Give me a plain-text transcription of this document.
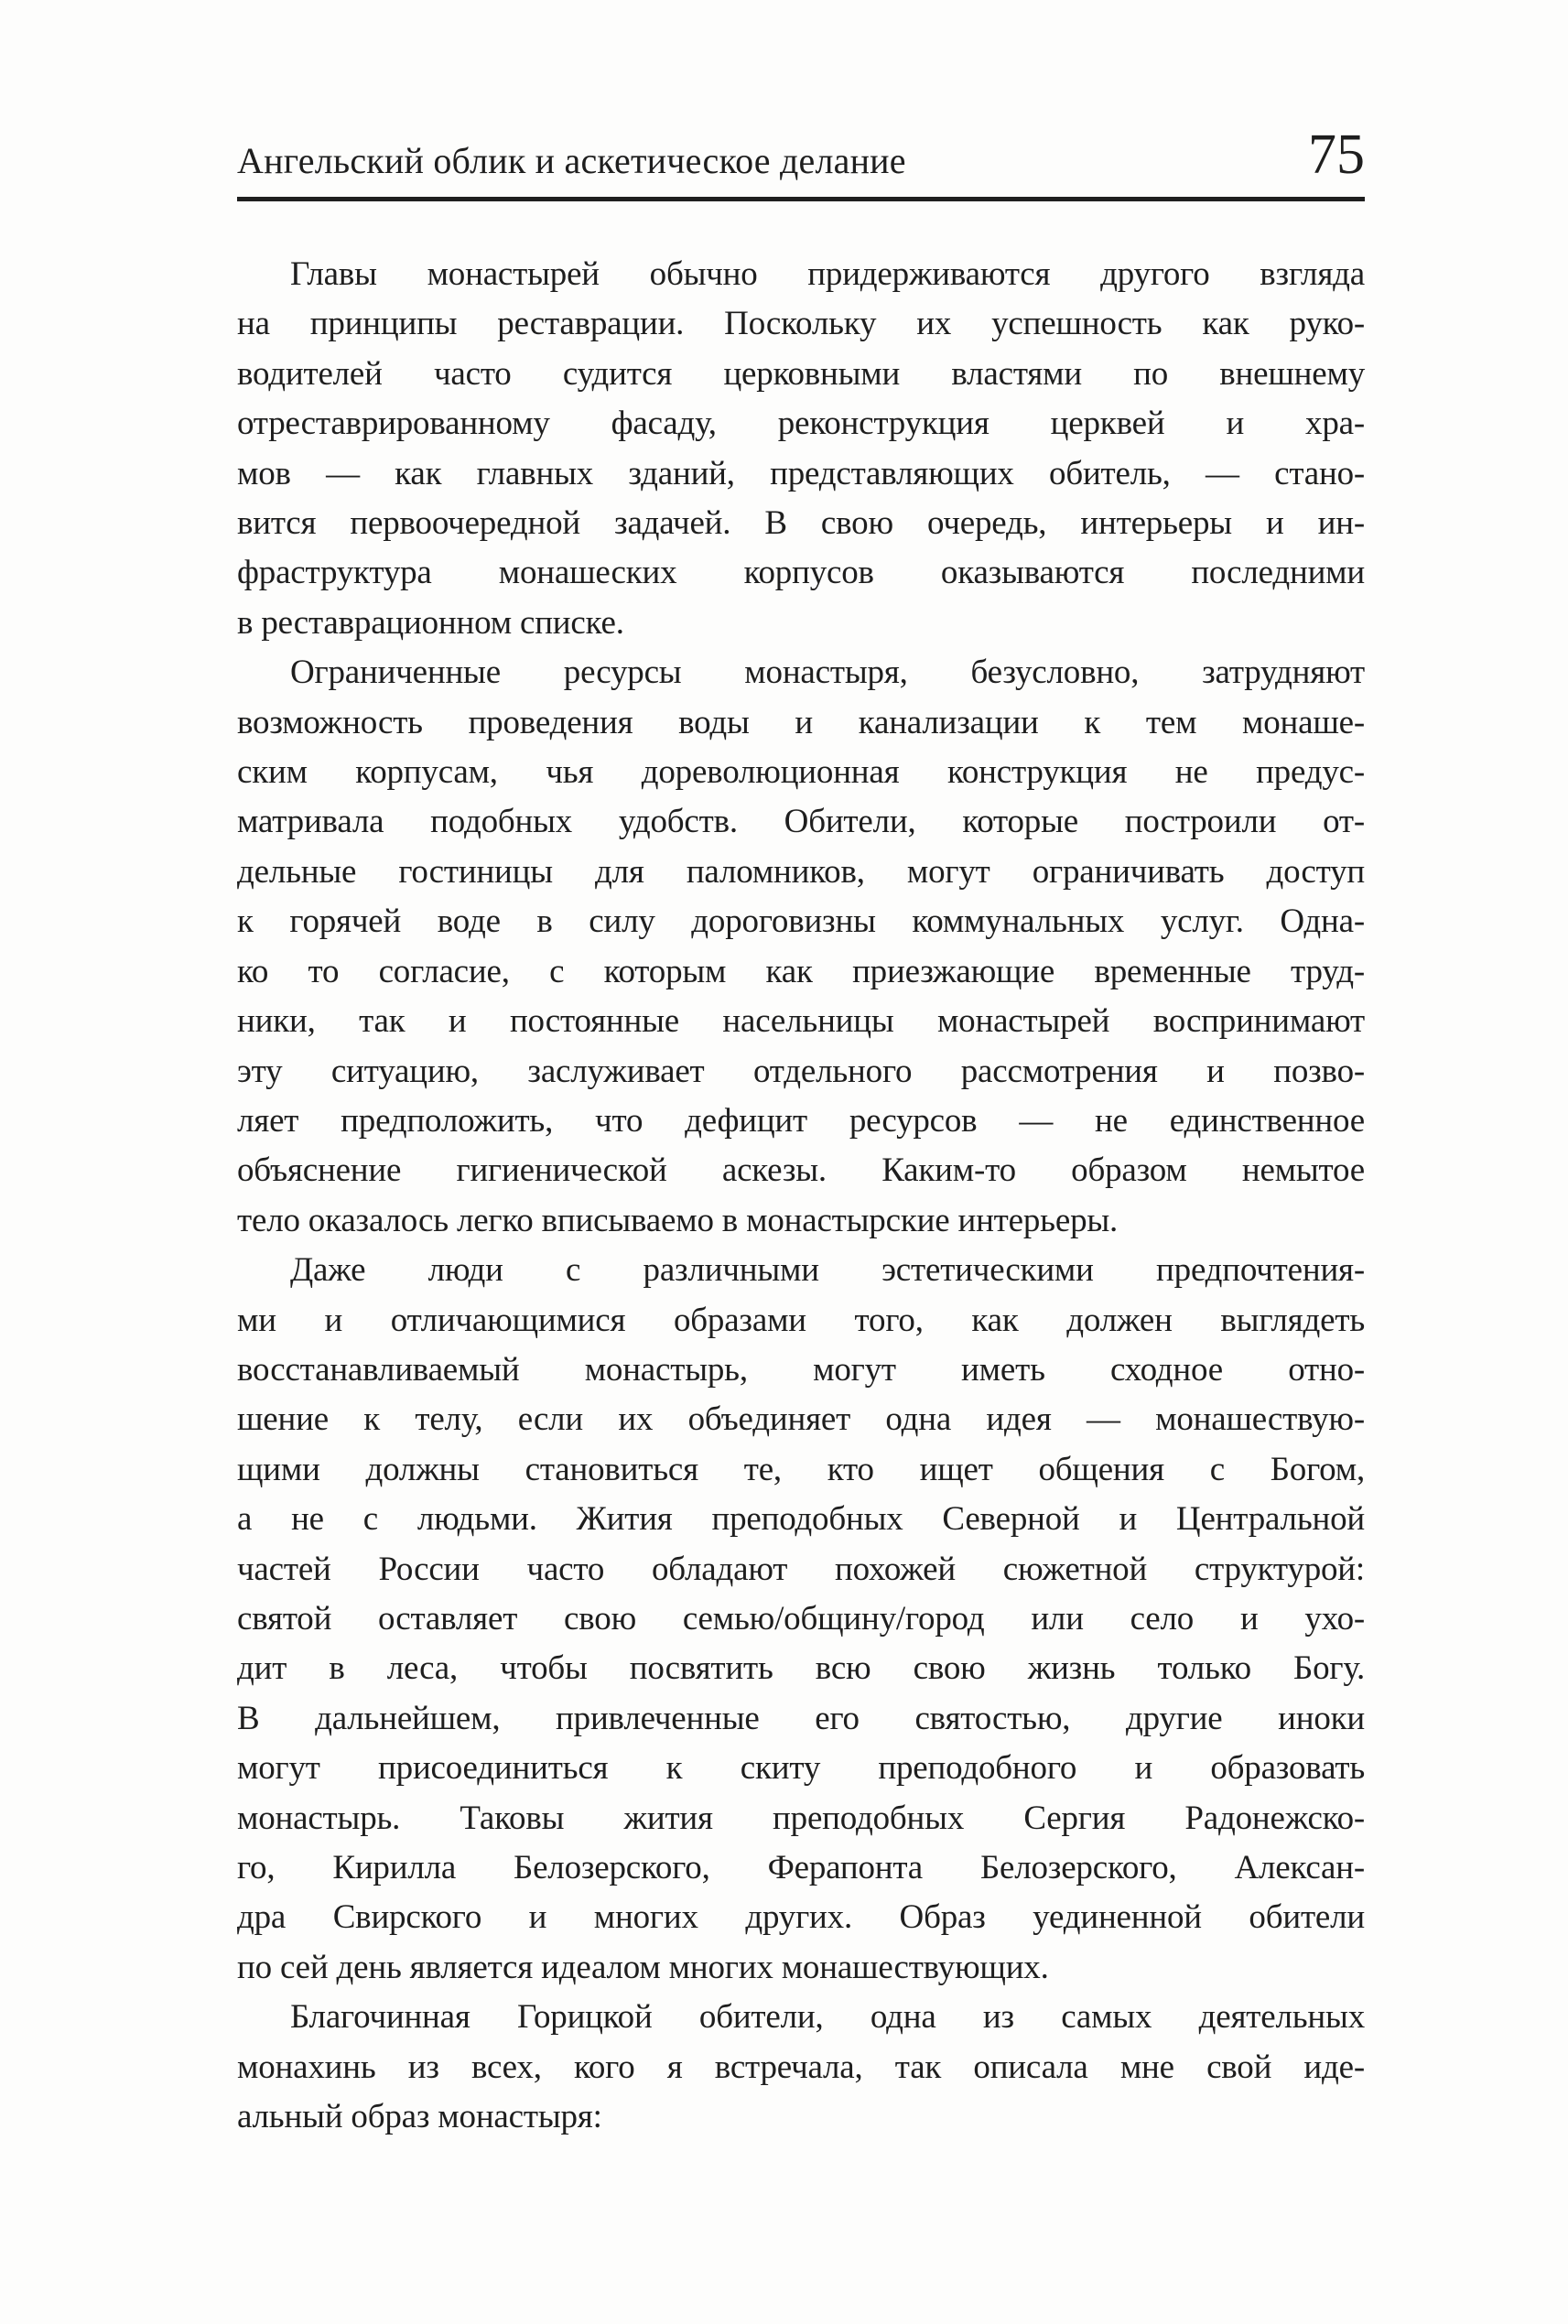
Ангельский облик и аскетическое делание	75
Главы монастырей обычно придерживаются другого взгляда
на принципы реставрации. Поскольку их успешность как руко-
водителей часто судится церковными властями по внешнему
отреставрированному фасаду, реконструкция церквей и хра-
мов — как главных зданий, представляющих обитель, — стано-
вится первоочередной задачей. В свою очередь, интерьеры и ин-
фраструктура монашеских корпусов оказываются последними
в реставрационном списке.
Ограниченные ресурсы монастыря, безусловно, затрудняют
возможность проведения воды и канализации к тем монаше-
ским корпусам, чья дореволюционная конструкция не предус-
матривала подобных удобств. Обители, которые построили от-
дельные гостиницы для паломников, могут ограничивать доступ
к горячей воде в силу дороговизны коммунальных услуг. Одна-
ко то согласие, с которым как приезжающие временные труд-
ники, так и постоянные насельницы монастырей воспринимают
эту ситуацию, заслуживает отдельного рассмотрения и позво-
ляет предположить, что дефицит ресурсов — не единственное
объяснение гигиенической аскезы. Каким-то образом немытое
тело оказалось легко вписываемо в монастырские интерьеры.
Даже люди с различными эстетическими предпочтения-
ми и отличающимися образами того, как должен выглядеть
восстанавливаемый монастырь, могут иметь сходное отно-
шение к телу, если их объединяет одна идея — монашествую-
щими должны становиться те, кто ищет общения с Богом,
а не с людьми. Жития преподобных Северной и Центральной
частей России часто обладают похожей сюжетной структурой:
святой оставляет свою семью/общину/город или село и ухо-
дит в леса, чтобы посвятить всю свою жизнь только Богу.
В дальнейшем, привлеченные его святостью, другие иноки
могут присоединиться к скиту преподобного и образовать
монастырь. Таковы жития преподобных Сергия Радонежско-
го, Кирилла Белозерского, Ферапонта Белозерского, Алексан-
дра Свирского и многих других. Образ уединенной обители
по сей день является идеалом многих монашествующих.
Благочинная Горицкой обители, одна из самых деятельных
монахинь из всех, кого я встречала, так описала мне свой иде-
альный образ монастыря:
